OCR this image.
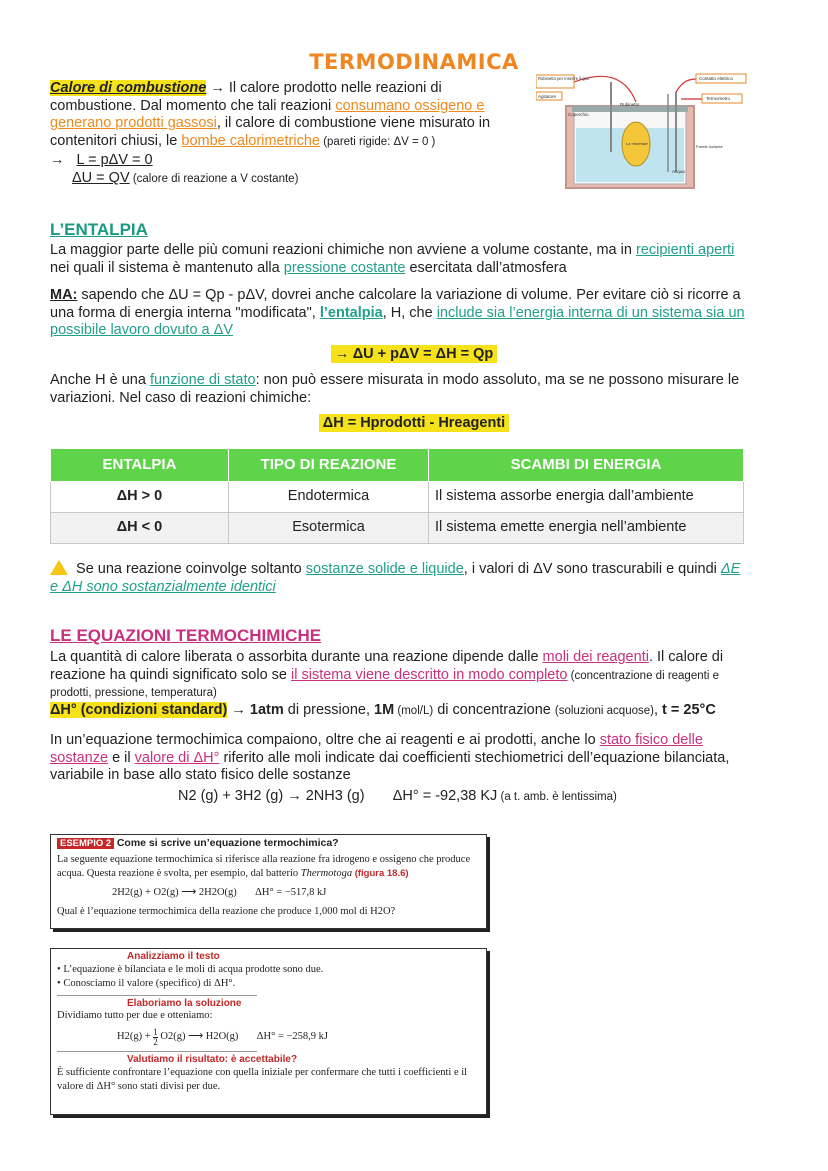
TERMODINAMICA
Calore di combustione → Il calore prodotto nelle reazioni di combustione. Dal momento che tali reazioni consumano ossigeno e generano prodotti gassosi, il calore di combustione viene misurato in contenitori chiusi, le bombe calorimetriche (pareti rigide: ΔV = 0 )
→ L = pΔV = 0
ΔU = QV (calore di reazione a V costante)
Rubinetto per inserire il gas
Agitatore
Coperchio
Rubinetto
Contatto elettrico
Termometro
La «bomba»
Parete isolante
Acqua
L’ENTALPIA
La maggior parte delle più comuni reazioni chimiche non avviene a volume costante, ma in recipienti aperti nei quali il sistema è mantenuto alla pressione costante esercitata dall’atmosfera
MA: sapendo che ΔU = Qp - pΔV, dovrei anche calcolare la variazione di volume. Per evitare ciò si ricorre a una forma di energia interna "modificata", l’entalpia, H, che include sia l’energia interna di un sistema sia un possibile lavoro dovuto a ΔV
→ ΔU + pΔV = ΔH = Qp
Anche H è una funzione di stato: non può essere misurata in modo assoluto, ma se ne possono misurare le variazioni. Nel caso di reazioni chimiche:
ΔH = Hprodotti - Hreagenti
ENTALPIA	TIPO DI REAZIONE	SCAMBI DI ENERGIA
ΔH > 0	Endotermica	Il sistema assorbe energia dall’ambiente
ΔH < 0	Esotermica	Il sistema emette energia nell’ambiente
Se una reazione coinvolge soltanto sostanze solide e liquide, i valori di ΔV sono trascurabili e quindi ΔE e ΔH sono sostanzialmente identici
LE EQUAZIONI TERMOCHIMICHE
La quantità di calore liberata o assorbita durante una reazione dipende dalle moli dei reagenti. Il calore di reazione ha quindi significato solo se il sistema viene descritto in modo completo (concentrazione di reagenti e prodotti, pressione, temperatura)
ΔH° (condizioni standard) → 1atm di pressione, 1M (mol/L) di concentrazione (soluzioni acquose), t = 25°C
In un’equazione termochimica compaiono, oltre che ai reagenti e ai prodotti, anche lo stato fisico delle sostanze e il valore di ΔH° riferito alle moli indicate dai coefficienti stechiometrici dell’equazione bilanciata, variabile in base allo stato fisico delle sostanze
N2 (g) + 3H2 (g) → 2NH3 (g)       ΔH° = -92,38 KJ (a t. amb. è lentissima)
ESEMPIO 2 Come si scrive un’equazione termochimica?
La seguente equazione termochimica si riferisce alla reazione fra idrogeno e ossigeno che produce acqua. Questa reazione è svolta, per esempio, dal batterio Thermotoga (figura 18.6)
2H2(g) + O2(g) ⟶ 2H2O(g)       ΔH° = −517,8 kJ
Qual è l’equazione termochimica della reazione che produce 1,000 mol di H2O?
Analizziamo il testo
• L’equazione è bilanciata e le moli di acqua prodotte sono due.
• Conosciamo il valore (specifico) di ΔH°.
Elaboriamo la soluzione
Dividiamo tutto per due e otteniamo:
$H2(g) + \frac{1}{2} O2(g)$ ⟶ H2O(g)       ΔH° = −258,9 kJ
Valutiamo il risultato: è accettabile?
È sufficiente confrontare l’equazione con quella iniziale per confermare che tutti i coefficienti e il valore di ΔH° sono stati divisi per due.
